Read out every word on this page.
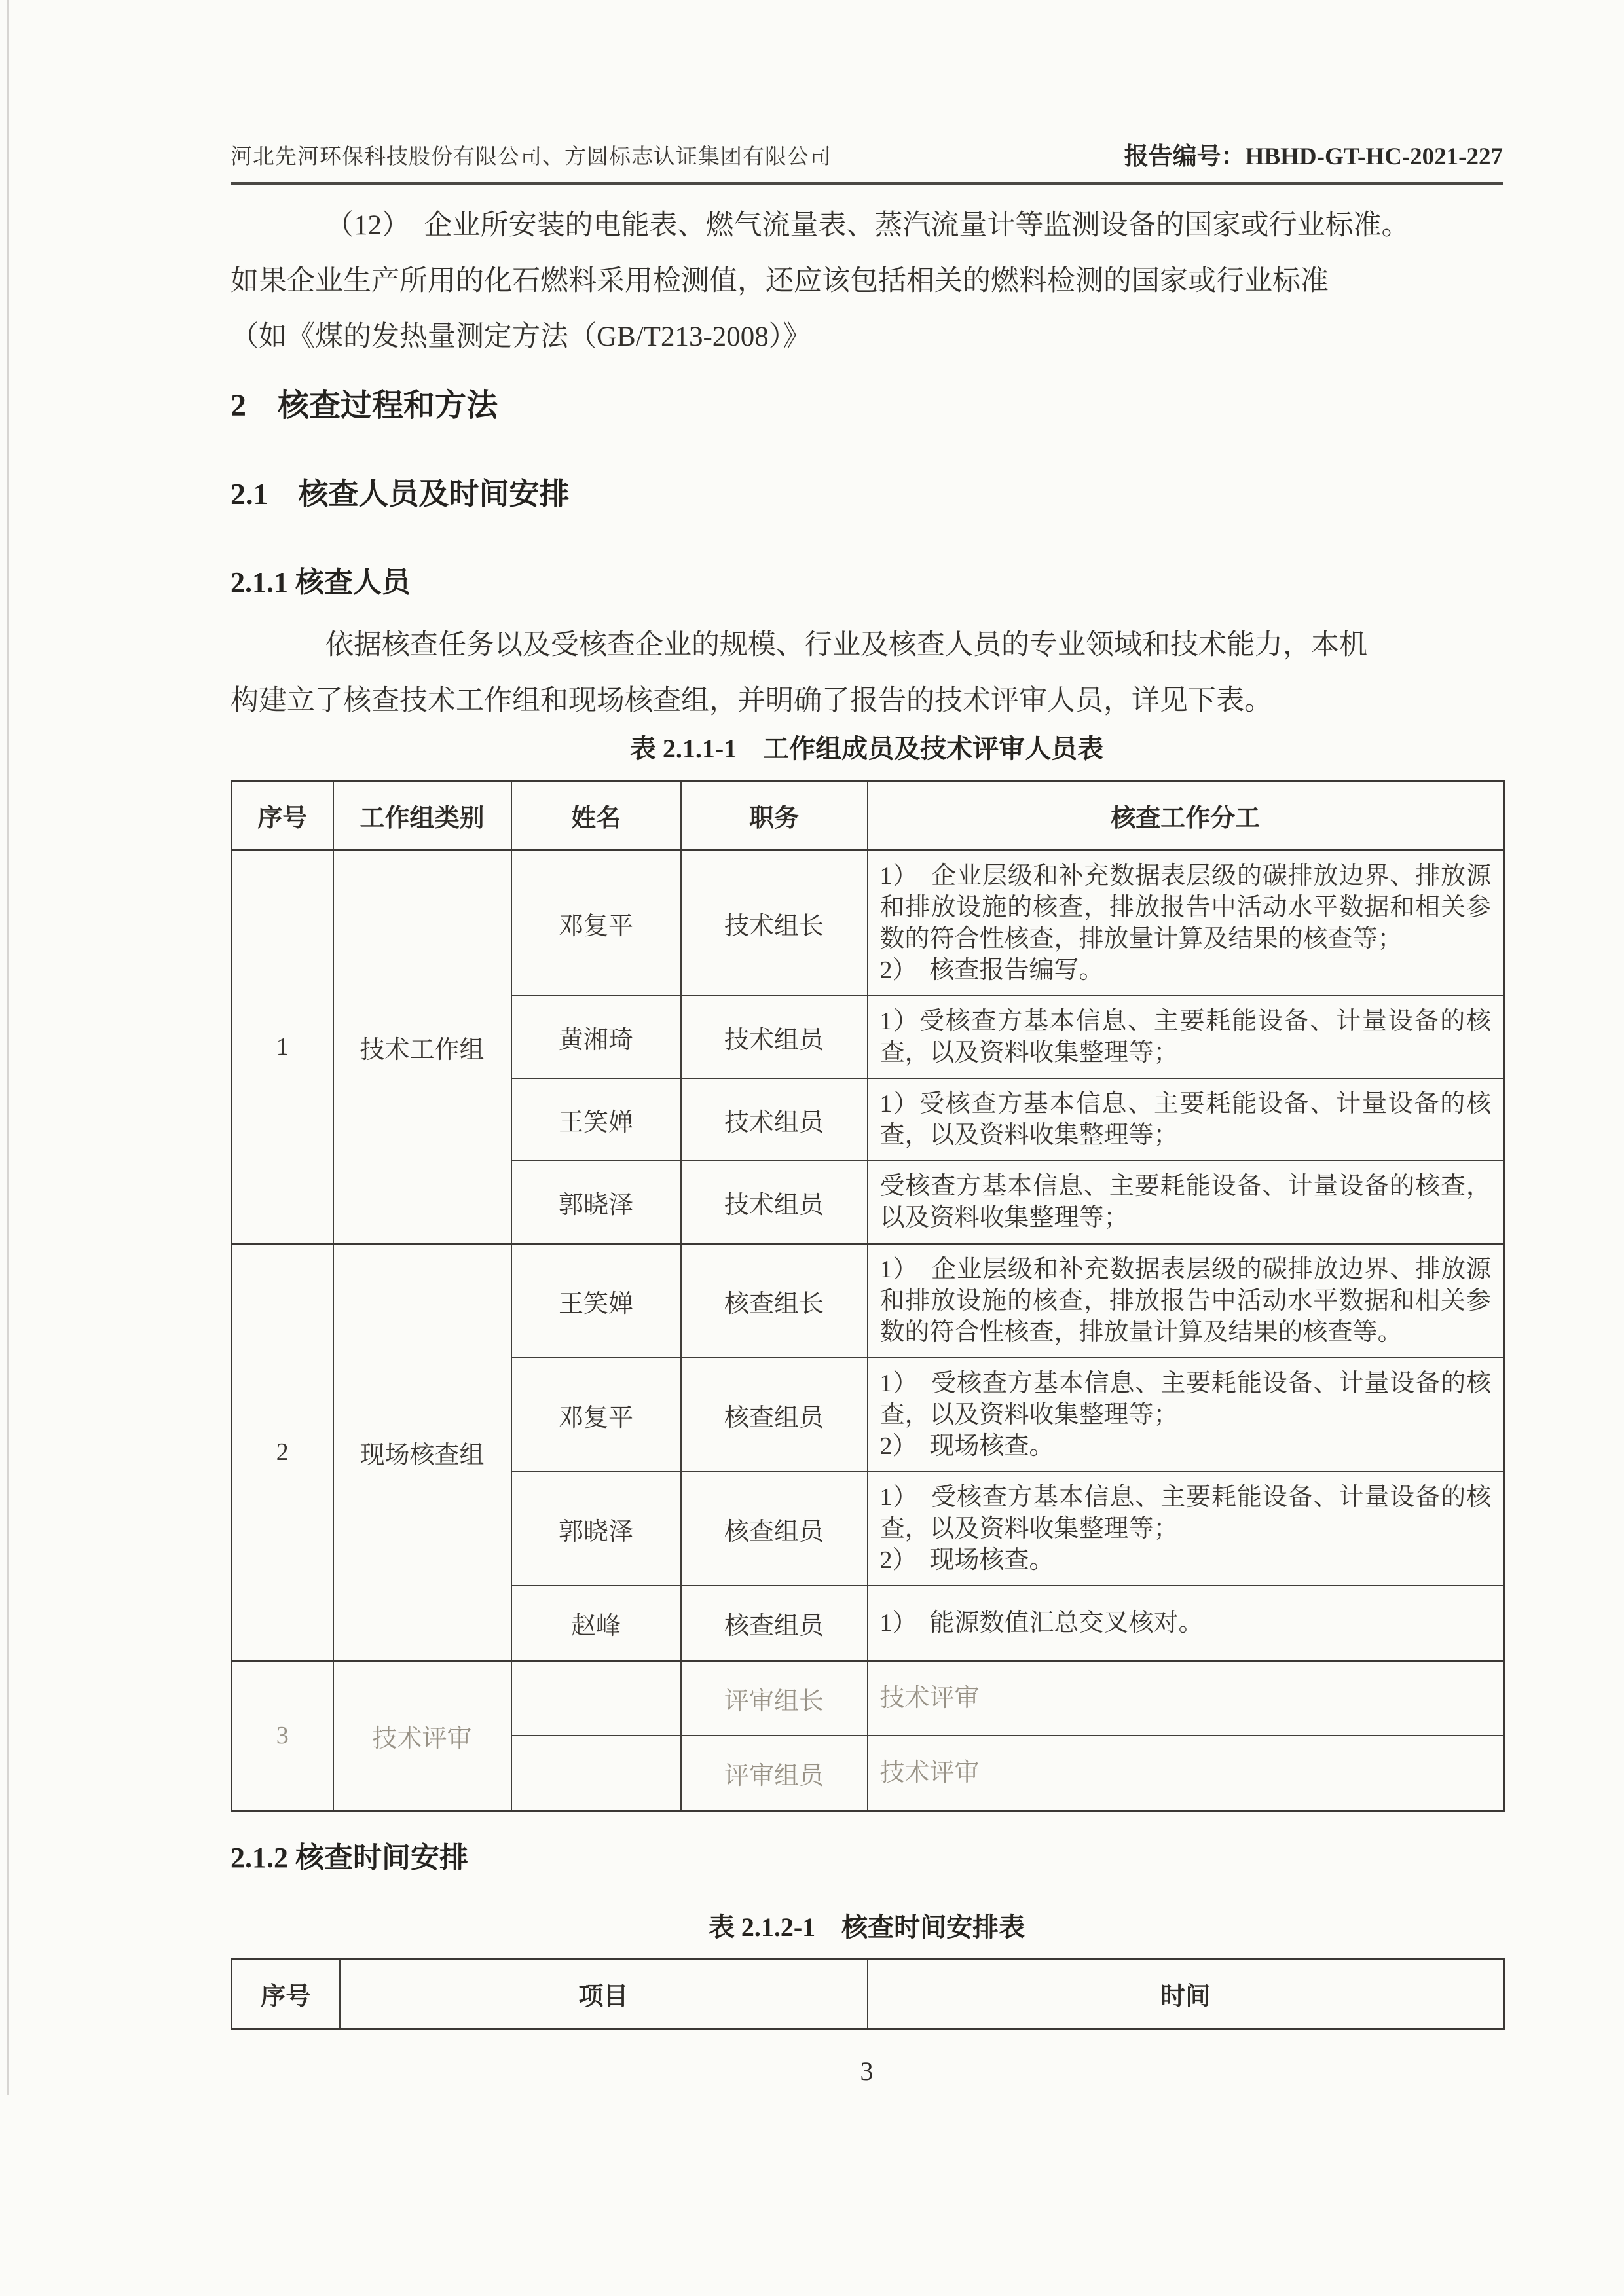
河北先河环保科技股份有限公司、方圆标志认证集团有限公司	报告编号：HBHD-GT-HC-2021-227
（12）　企业所安装的电能表、燃气流量表、蒸汽流量计等监测设备的国家或行业标准。
如果企业生产所用的化石燃料采用检测值，还应该包括相关的燃料检测的国家或行业标准
（如《煤的发热量测定方法（GB/T213-2008）》
2　核查过程和方法
2.1　核查人员及时间安排
2.1.1 核查人员
依据核查任务以及受核查企业的规模、行业及核查人员的专业领域和技术能力，本机
构建立了核查技术工作组和现场核查组，并明确了报告的技术评审人员，详见下表。
表 2.1.1-1　工作组成员及技术评审人员表
序号	工作组类别	姓名	职务	核查工作分工
1	技术工作组	邓复平	技术组长	1）　企业层级和补充数据表层级的碳排放边界、排放源和排放设施的核查，排放报告中活动水平数据和相关参数的符合性核查，排放量计算及结果的核查等；
2）　核查报告编写。

		黄湘琦	技术组员	1）受核查方基本信息、主要耗能设备、计量设备的核查，以及资料收集整理等；

		王笑婵	技术组员	1）受核查方基本信息、主要耗能设备、计量设备的核查，以及资料收集整理等；

		郭晓泽	技术组员	受核查方基本信息、主要耗能设备、计量设备的核查，以及资料收集整理等；

2	现场核查组	王笑婵	核查组长	1）　企业层级和补充数据表层级的碳排放边界、排放源和排放设施的核查，排放报告中活动水平数据和相关参数的符合性核查，排放量计算及结果的核查等。

		邓复平	核查组员	1）　受核查方基本信息、主要耗能设备、计量设备的核查，以及资料收集整理等；
2）　现场核查。

		郭晓泽	核查组员	1）　受核查方基本信息、主要耗能设备、计量设备的核查，以及资料收集整理等；
2）　现场核查。

		赵峰	核查组员	1）　能源数值汇总交叉核对。

3	技术评审		评审组长	技术评审

			评审组员	技术评审
2.1.2 核查时间安排
表 2.1.2-1　核查时间安排表
序号	项目	时间
3
